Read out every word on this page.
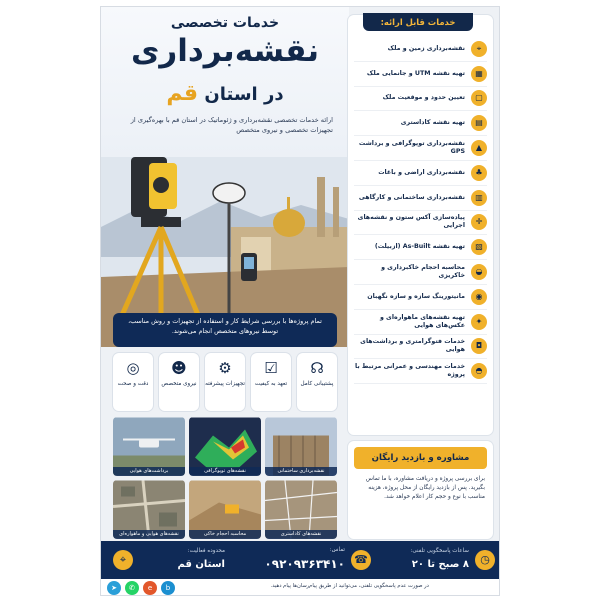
خدمات تخصصی
نقشه‌برداری
در استان قم
ارائه خدمات تخصصی نقشه‌برداری و ژئوماتیک در استان قم با بهره‌گیری از تجهیزات تخصصی و نیروی متخصص
تمام پروژه‌ها با بررسی شرایط کار و استفاده از تجهیزات و روش مناسب، توسط نیروهای متخصص انجام می‌شوند.
خدمات قابل ارائه:
⌖
نقشه‌برداری زمین و ملک
▦
تهیه نقشه UTM و جانمایی ملک
▢
تعیین حدود و موقعیت ملک
▤
تهیه نقشه کاداستری
▲
نقشه‌برداری توپوگرافی و برداشت GPS
♣
نقشه‌برداری اراضی و باغات
▥
نقشه‌برداری ساختمانی و کارگاهی
✛
پیاده‌سازی آکس ستون و نقشه‌های اجرایی
▧
تهیه نقشه As-Built (ازبیلت)
◒
محاسبه احجام خاکبرداری و خاکریزی
◉
مانیتورینگ سازه و سازه نگهبان
✦
تهیه نقشه‌های ماهواره‌ای و عکس‌های هوایی
◘
خدمات فتوگرامتری و برداشت‌های هوایی
◓
خدمات مهندسی و عمرانی مرتبط با پروژه
☊
پشتیبانی کامل
☑
تعهد به کیفیت
⚙
تجهیزات پیشرفته
☻
نیروی متخصص
◎
دقت و صحت
نقشه‌برداری ساختمانی
نقشه‌های توپوگرافی
برداشت‌های هوایی
نقشه‌های کاداستری
محاسبه احجام خاکی
نقشه‌های هوایی و ماهواره‌ای
مشاوره و بازدید رایگان
برای بررسی پروژه و دریافت مشاوره، با ما تماس بگیرید. پس از بازدید رایگان از محل پروژه، هزینه مناسب با نوع و حجم کار اعلام خواهد شد.
◷
ساعات پاسخگویی تلفنی:
۸ صبح تا ۲۰
☎
تماس:
۰۹۲۰۹۳۶۳۴۱۰
⌖
محدوده فعالیت:
استان قم
در صورت عدم پاسخگویی تلفنی، می‌توانید از طریق پیام‌رسان‌ها پیام دهید.
➤	✆	e	b
